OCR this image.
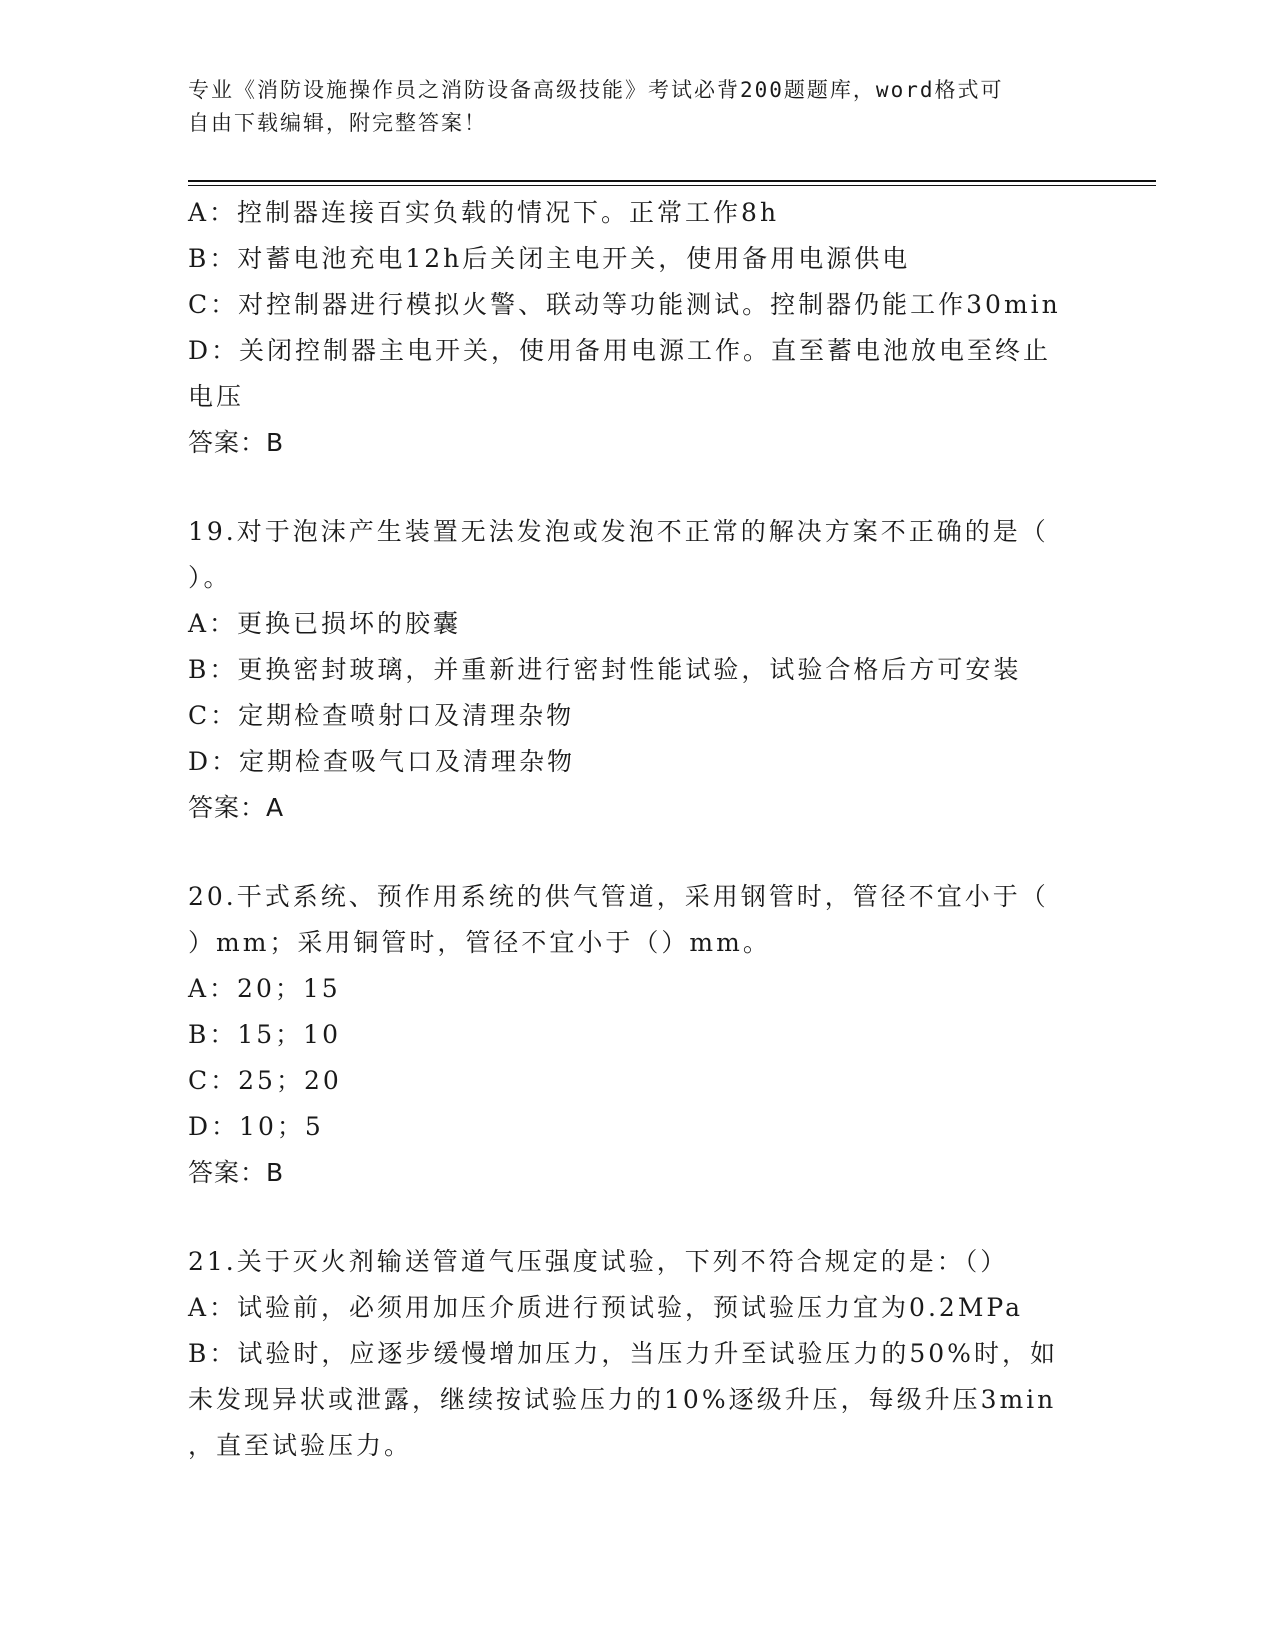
专业《消防设施操作员之消防设备高级技能》考试必背200题题库，word格式可
自由下载编辑，附完整答案！
A：控制器连接百实负载的情况下。正常工作8h
B：对蓄电池充电12h后关闭主电开关，使用备用电源供电
C：对控制器进行模拟火警、联动等功能测试。控制器仍能工作30min
D：关闭控制器主电开关，使用备用电源工作。直至蓄电池放电至终止
电压
答案：B
19.对于泡沫产生装置无法发泡或发泡不正常的解决方案不正确的是（
）。
A：更换已损坏的胶囊
B：更换密封玻璃，并重新进行密封性能试验，试验合格后方可安装
C：定期检查喷射口及清理杂物
D：定期检查吸气口及清理杂物
答案：A
20.干式系统、预作用系统的供气管道，采用钢管时，管径不宜小于（
）mm；采用铜管时，管径不宜小于（）mm。
A：20；15
B：15；10
C：25；20
D：10；5
答案：B
21.关于灭火剂输送管道气压强度试验，下列不符合规定的是：（）
A：试验前，必须用加压介质进行预试验，预试验压力宜为0.2MPa
B：试验时，应逐步缓慢增加压力，当压力升至试验压力的50%时，如
未发现异状或泄露，继续按试验压力的10%逐级升压，每级升压3min
，直至试验压力。
